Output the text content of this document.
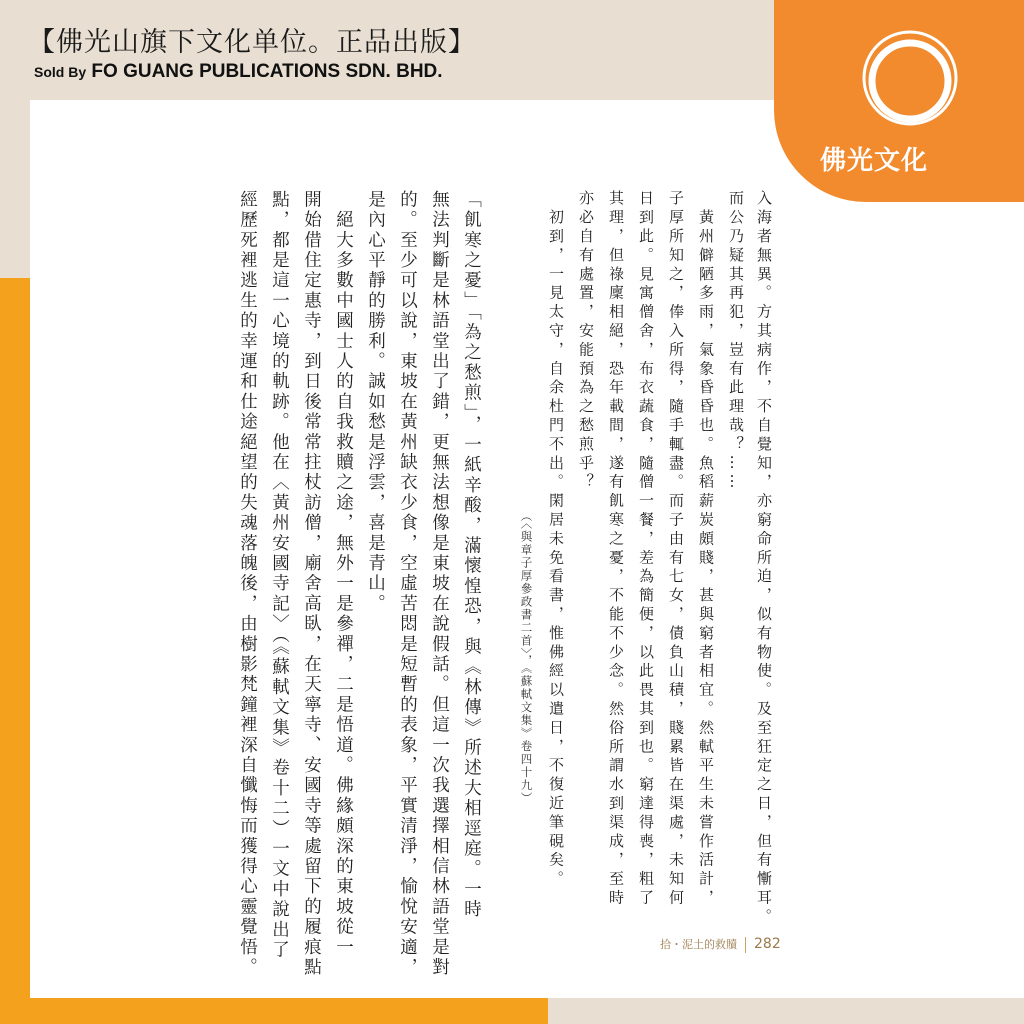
【佛光山旗下文化单位。正品出版】
Sold By FO GUANG PUBLICATIONS SDN. BHD.
佛光文化
入海者無異。方其病作，不自覺知，亦窮命所迫，似有物使。及至狂定之日，但有慚耳。
而公乃疑其再犯，豈有此理哉？……
　黃州僻陋多雨，氣象昏昏也。魚稻薪炭頗賤，甚與窮者相宜。然軾平生未嘗作活計，
子厚所知之，俸入所得，隨手輒盡。而子由有七女，債負山積，賤累皆在渠處，未知何
日到此。見寓僧舍，布衣蔬食，隨僧一餐，差為簡便，以此畏其到也。窮達得喪，粗了
其理，但祿廩相絕，恐年載間，遂有飢寒之憂，不能不少念。然俗所謂水到渠成，至時
亦必自有處置，安能預為之愁煎乎？
　初到，一見太守，自余杜門不出。閑居未免看書，惟佛經以遣日，不復近筆硯矣。
（〈與章子厚參政書二首〉，《蘇軾文集》卷四十九）
「飢寒之憂」「為之愁煎」，一紙辛酸，滿懷惶恐，與《林傳》所述大相逕庭。一時
無法判斷是林語堂出了錯，更無法想像是東坡在說假話。但這一次我選擇相信林語堂是對
的。至少可以說，東坡在黃州缺衣少食，空虛苦悶是短暫的表象，平實清淨，愉悅安適，
是內心平靜的勝利。誠如愁是浮雲，喜是青山。
　絕大多數中國士人的自我救贖之途，無外一是參禪，二是悟道。佛緣頗深的東坡從一
開始借住定惠寺，到日後常常拄杖訪僧，廟舍高臥，在天寧寺、安國寺等處留下的履痕點
點，都是這一心境的軌跡。他在〈黃州安國寺記〉（《蘇軾文集》卷十二）一文中說出了
經歷死裡逃生的幸運和仕途絕望的失魂落魄後，由樹影梵鐘裡深自懺悔而獲得心靈覺悟。	拾・泥土的救贖 282
